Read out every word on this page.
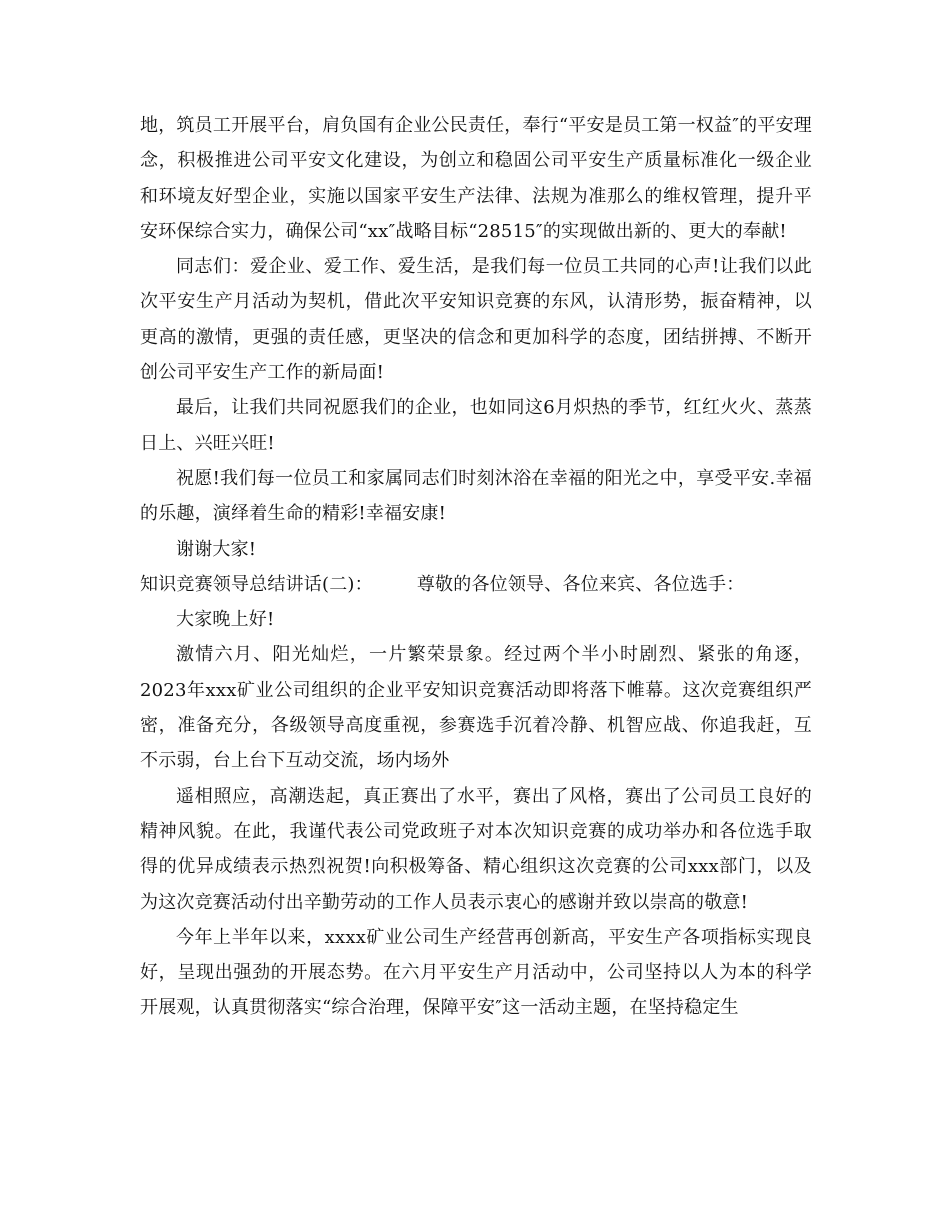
地，筑员工开展平台，肩负国有企业公民责任，奉行“平安是员工第一权益″的平安理念，积极推进公司平安文化建设，为创立和稳固公司平安生产质量标准化一级企业和环境友好型企业，实施以国家平安生产法律、法规为准那么的维权管理，提升平安环保综合实力，确保公司“xx″战略目标“28515″的实现做出新的、更大的奉献!

同志们：爱企业、爱工作、爱生活，是我们每一位员工共同的心声!让我们以此次平安生产月活动为契机，借此次平安知识竞赛的东风，认清形势，振奋精神，以更高的激情，更强的责任感，更坚决的信念和更加科学的态度，团结拼搏、不断开创公司平安生产工作的新局面!

最后，让我们共同祝愿我们的企业，也如同这6月炽热的季节，红红火火、蒸蒸日上、兴旺兴旺!

祝愿!我们每一位员工和家属同志们时刻沐浴在幸福的阳光之中，享受平安.幸福的乐趣，演绎着生命的精彩!幸福安康!

谢谢大家!

知识竞赛领导总结讲话(二)： 尊敬的各位领导、各位来宾、各位选手：

大家晚上好!

激情六月、阳光灿烂，一片繁荣景象。经过两个半小时剧烈、紧张的角逐，2023年xxx矿业公司组织的企业平安知识竞赛活动即将落下帷幕。这次竞赛组织严密，准备充分，各级领导高度重视，参赛选手沉着冷静、机智应战、你追我赶，互不示弱，台上台下互动交流，场内场外

遥相照应，高潮迭起，真正赛出了水平，赛出了风格，赛出了公司员工良好的精神风貌。在此，我谨代表公司党政班子对本次知识竞赛的成功举办和各位选手取得的优异成绩表示热烈祝贺!向积极筹备、精心组织这次竞赛的公司xxx部门，以及为这次竞赛活动付出辛勤劳动的工作人员表示衷心的感谢并致以崇高的敬意!

今年上半年以来，xxxx矿业公司生产经营再创新高，平安生产各项指标实现良好，呈现出强劲的开展态势。在六月平安生产月活动中，公司坚持以人为本的科学开展观，认真贯彻落实“综合治理，保障平安″这一活动主题，在坚持稳定生
